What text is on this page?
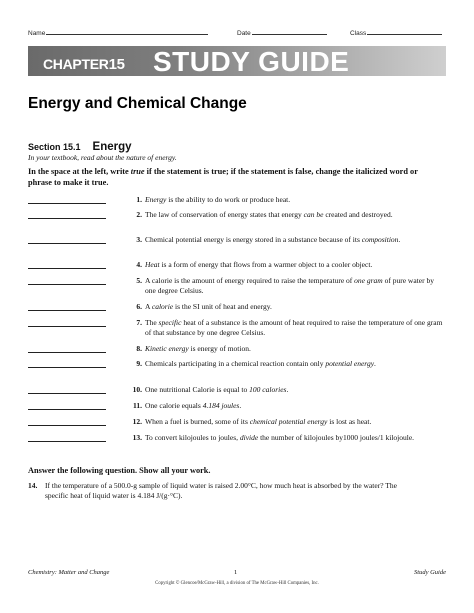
Name	Date	Class
CHAPTER15 STUDY GUIDE
Energy and Chemical Change
Section 15.1 Energy
In your textbook, read about the nature of energy.
In the space at the left, write true if the statement is true; if the statement is false, change the italicized word or phrase to make it true.
1. Energy is the ability to do work or produce heat.
2. The law of conservation of energy states that energy can be created and destroyed.
3. Chemical potential energy is energy stored in a substance because of its composition.
4. Heat is a form of energy that flows from a warmer object to a cooler object.
5. A calorie is the amount of energy required to raise the temperature of one gram of pure water by one degree Celsius.
6. A calorie is the SI unit of heat and energy.
7. The specific heat of a substance is the amount of heat required to raise the temperature of one gram of that substance by one degree Celsius.
8. Kinetic energy is energy of motion.
9. Chemicals participating in a chemical reaction contain only potential energy.
10. One nutritional Calorie is equal to 100 calories.
11. One calorie equals 4.184 joules.
12. When a fuel is burned, some of its chemical potential energy is lost as heat.
13. To convert kilojoules to joules, divide the number of kilojoules by1000 joules/1 kilojoule.
Answer the following question. Show all your work.
14. If the temperature of a 500.0-g sample of liquid water is raised 2.00°C, how much heat is absorbed by the water? The specific heat of liquid water is 4.184 J/(g·°C).
Chemistry: Matter and Change	1	Study Guide
Copyright © Glencoe/McGraw-Hill, a division of The McGraw-Hill Companies, Inc.
